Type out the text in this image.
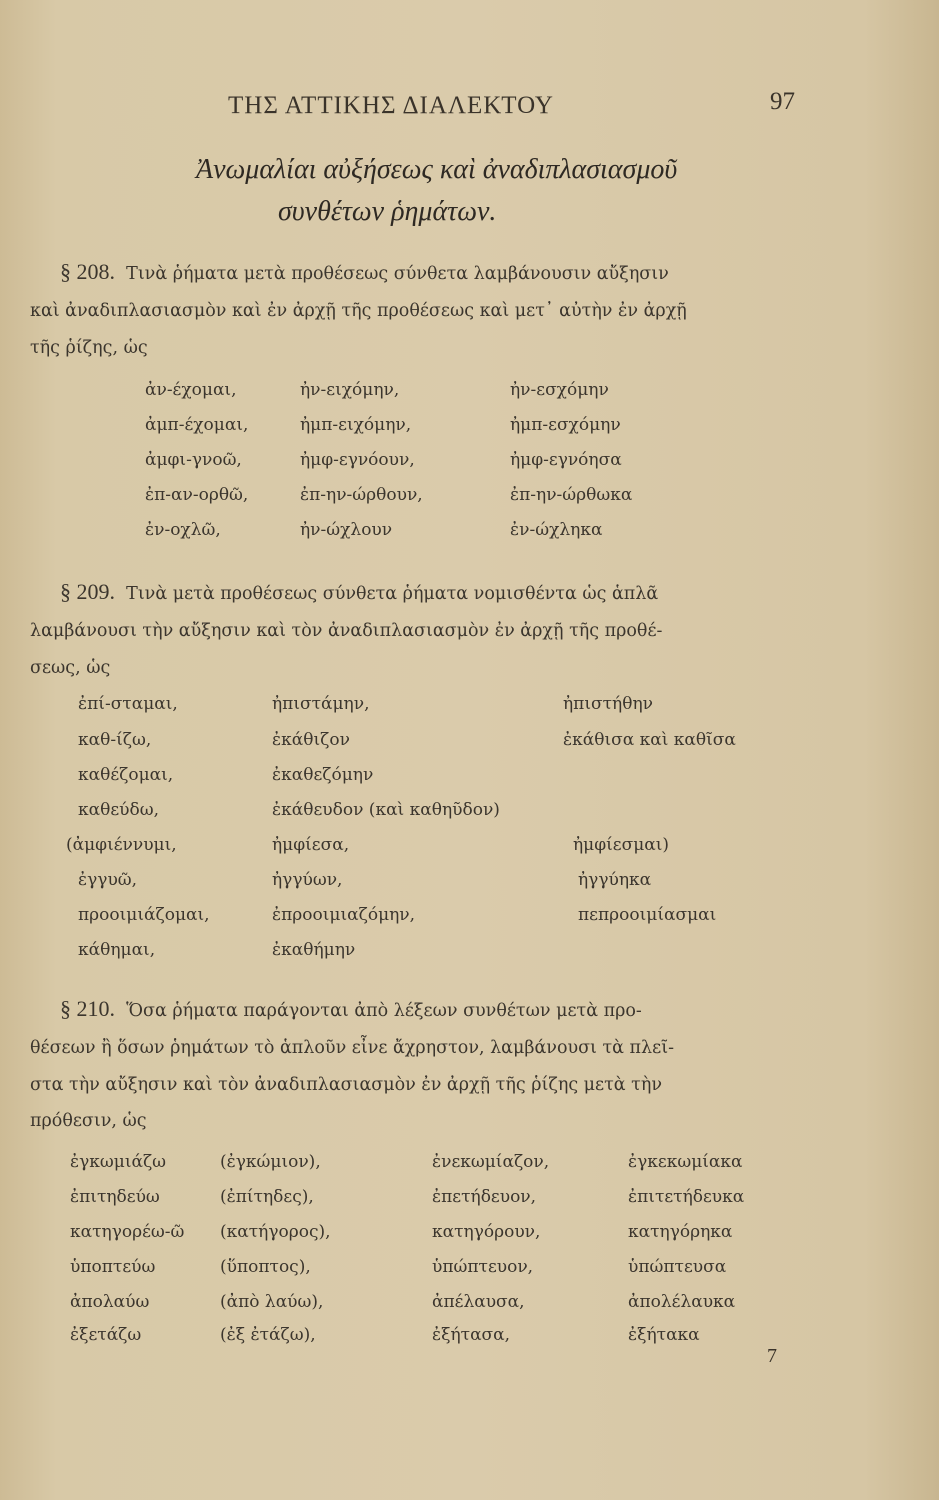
ΤΗΣ ΑΤΤΙΚΗΣ ΔΙΑΛΕΚΤΟΥ	97
Ἀνωμαλίαι αὐξήσεως καὶ ἀναδιπλασιασμοῦ
συνθέτων ῥημάτων.
§ 208. Τινὰ ῥήματα μετὰ προθέσεως σύνθετα λαμβάνουσιν αὔξησιν
καὶ ἀναδιπλασιασμὸν καὶ ἐν ἀρχῇ τῆς προθέσεως καὶ μετ᾽ αὐτὴν ἐν ἀρχῇ
τῆς ῥίζης, ὡς
ἀν-έχομαι,	ἠν-ειχόμην,	ἠν-εσχόμην
ἀμπ-έχομαι,	ἠμπ-ειχόμην,	ἠμπ-εσχόμην
ἀμφι-γνοῶ,	ἠμφ-εγνόουν,	ἠμφ-εγνόησα
ἐπ-αν-ορθῶ,	ἐπ-ην-ώρθουν,	ἐπ-ην-ώρθωκα
ἐν-οχλῶ,	ἠν-ώχλουν	ἐν-ώχληκα
§ 209. Τινὰ μετὰ προθέσεως σύνθετα ῥήματα νομισθέντα ὡς ἁπλᾶ
λαμβάνουσι τὴν αὔξησιν καὶ τὸν ἀναδιπλασιασμὸν ἐν ἀρχῇ τῆς προθέ-
σεως, ὡς
ἐπί-σταμαι,	ἠπιστάμην,	ἠπιστήθην
καθ-ίζω,	ἐκάθιζον	ἐκάθισα καὶ καθῖσα
καθέζομαι,	ἐκαθεζόμην
καθεύδω,	ἐκάθευδον (καὶ καθηῦδον)
(ἀμφιέννυμι,	ἠμφίεσα,	ἠμφίεσμαι)
ἐγγυῶ,	ἠγγύων,	ἠγγύηκα
προοιμιάζομαι,	ἐπροοιμιαζόμην,	πεπροοιμίασμαι
κάθημαι,	ἐκαθήμην
§ 210. Ὅσα ῥήματα παράγονται ἀπὸ λέξεων συνθέτων μετὰ προ-
θέσεων ἢ ὅσων ῥημάτων τὸ ἁπλοῦν εἶνε ἄχρηστον, λαμβάνουσι τὰ πλεῖ-
στα τὴν αὔξησιν καὶ τὸν ἀναδιπλασιασμὸν ἐν ἀρχῇ τῆς ῥίζης μετὰ τὴν
πρόθεσιν, ὡς
ἐγκωμιάζω	(ἐγκώμιον),	ἐνεκωμίαζον,	ἐγκεκωμίακα
ἐπιτηδεύω	(ἐπίτηδες),	ἐπετήδευον,	ἐπιτετήδευκα
κατηγορέω-ῶ (κατήγορος),	κατηγόρουν,	κατηγόρηκα
ὑποπτεύω	(ὕποπτος),	ὑπώπτευον,	ὑπώπτευσα
ἀπολαύω	(ἀπὸ λαύω),	ἀπέλαυσα,	ἀπολέλαυκα
ἐξετάζω	(ἐξ ἐτάζω),	ἐξήτασα,	ἐξήτακα
7
